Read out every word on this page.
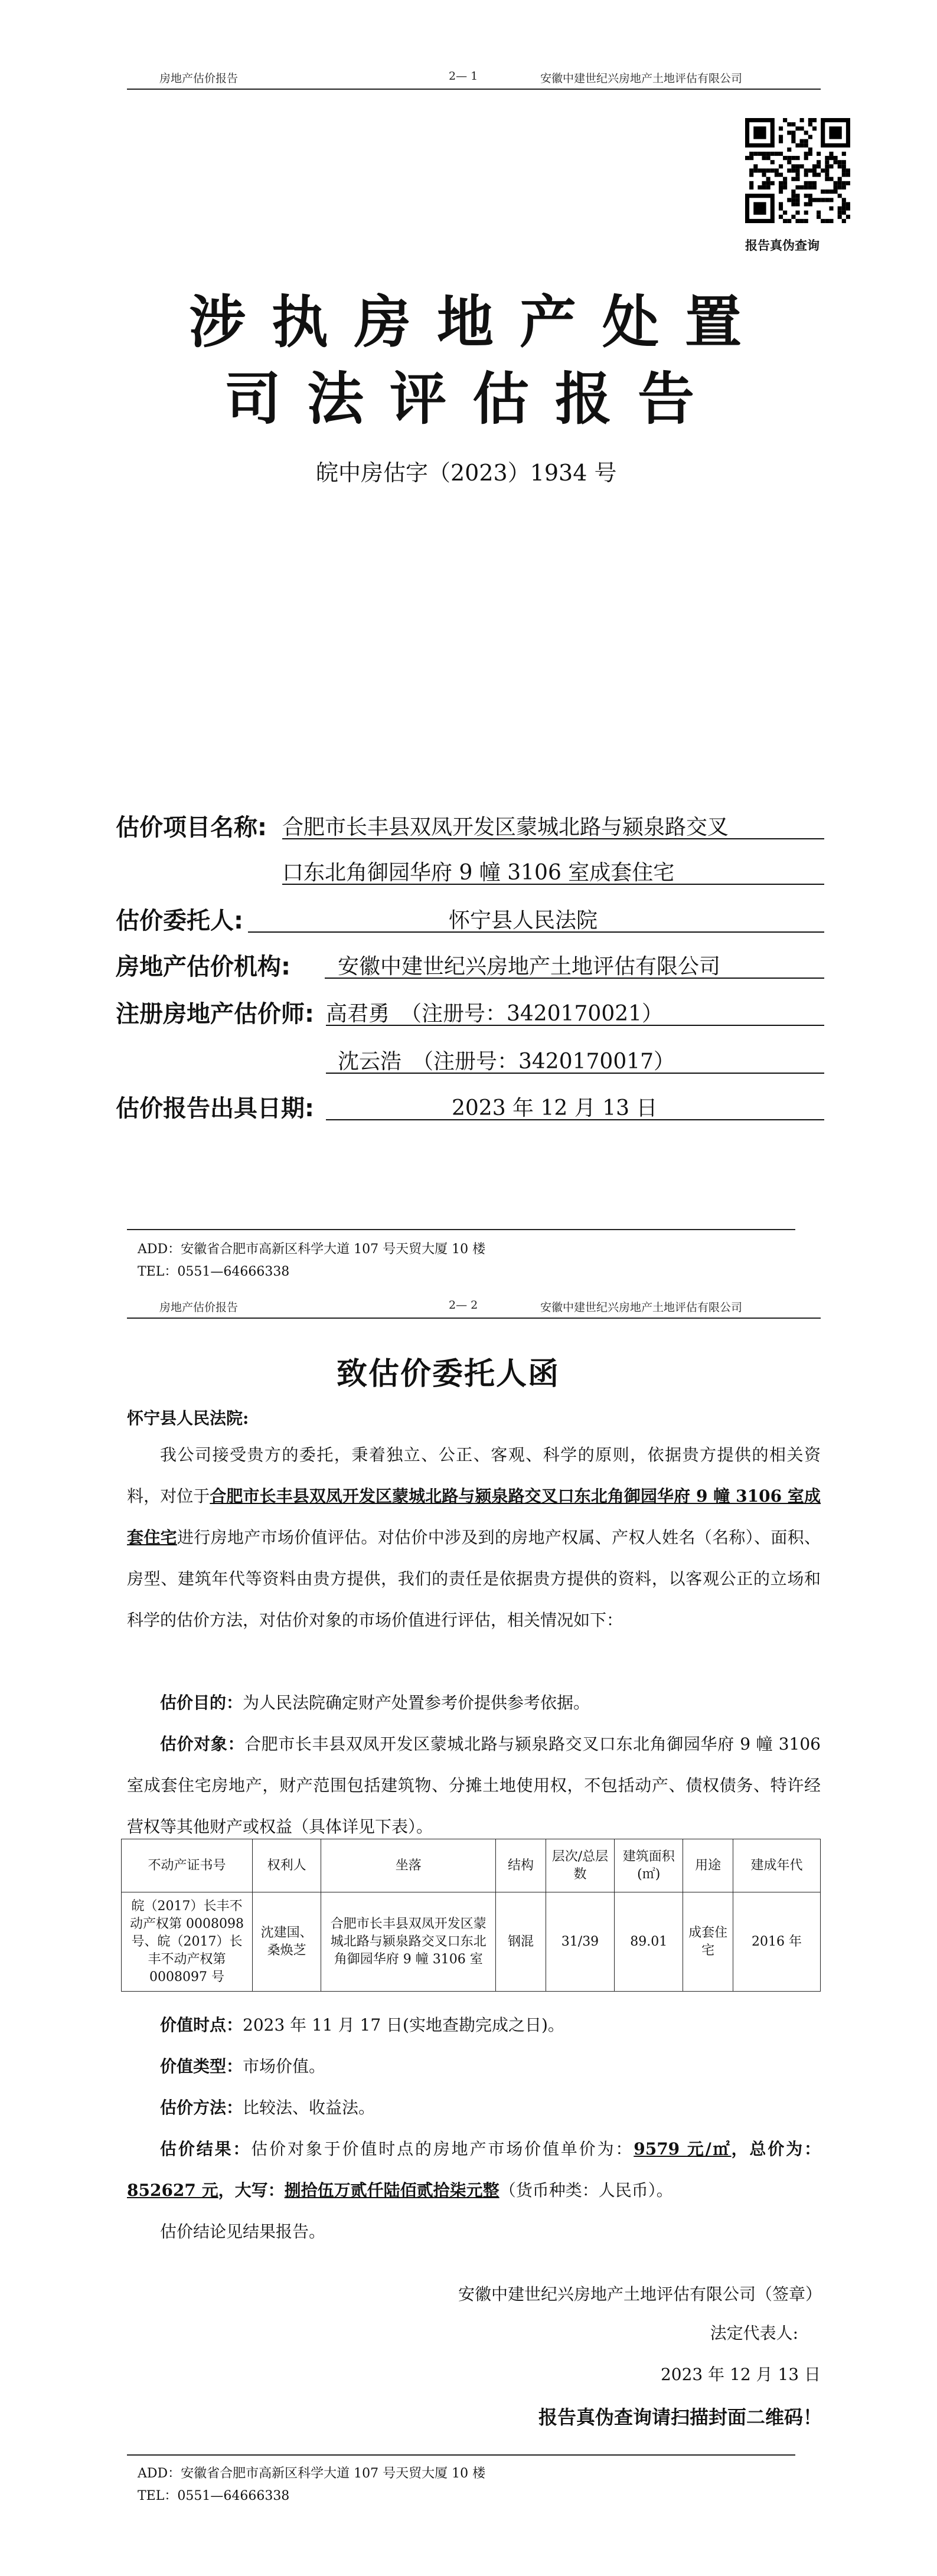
房地产估价报告	2— 1	安徽中建世纪兴房地产土地评估有限公司
报告真伪查询
涉执房地产处置
司法评估报告
皖中房估字（2023）1934 号
估价项目名称: 合肥市长丰县双凤开发区蒙城北路与颍泉路交叉
口东北角御园华府 9 幢 3106 室成套住宅
估价委托人:	怀宁县人民法院
房地产估价机构: 安徽中建世纪兴房地产土地评估有限公司
注册房地产估价师: 高君勇　（注册号：3420170021）
沈云浩　（注册号：3420170017）
估价报告出具日期:	2023 年 12 月 13 日
ADD：安徽省合肥市高新区科学大道 107 号天贸大厦 10 楼
TEL：0551—64666338
房地产估价报告	2— 2	安徽中建世纪兴房地产土地评估有限公司
致估价委托人函
怀宁县人民法院:
我公司接受贵方的委托，秉着独立、公正、客观、科学的原则，依据贵方提供的相关资料，对位于合肥市长丰县双凤开发区蒙城北路与颍泉路交叉口东北角御园华府 9 幢 3106 室成套住宅进行房地产市场价值评估。对估价中涉及到的房地产权属、产权人姓名（名称）、面积、房型、建筑年代等资料由贵方提供，我们的责任是依据贵方提供的资料，以客观公正的立场和科学的估价方法，对估价对象的市场价值进行评估，相关情况如下：
估价目的：为人民法院确定财产处置参考价提供参考依据。
估价对象：合肥市长丰县双凤开发区蒙城北路与颍泉路交叉口东北角御园华府 9 幢 3106 室成套住宅房地产，财产范围包括建筑物、分摊土地使用权，不包括动产、债权债务、特许经营权等其他财产或权益（具体详见下表）。
不动产证书号	权利人	坐落	结构	层次/总层数	建筑面积(㎡)	用途	建成年代
皖（2017）长丰不动产权第 0008098 号、皖（2017）长丰不动产权第 0008097 号	沈建国、桑焕芝	合肥市长丰县双凤开发区蒙城北路与颍泉路交叉口东北角御园华府 9 幢 3106 室	钢混	31/39	89.01	成套住宅	2016 年
价值时点：2023 年 11 月 17 日(实地查勘完成之日)。
价值类型：市场价值。
估价方法：比较法、收益法。
估价结果：估价对象于价值时点的房地产市场价值单价为：9579 元/㎡，总价为：852627 元，大写：捌拾伍万贰仟陆佰贰拾柒元整（货币种类：人民币）。
估价结论见结果报告。
安徽中建世纪兴房地产土地评估有限公司（签章）
法定代表人:
2023 年 12 月 13 日
报告真伪查询请扫描封面二维码！
ADD：安徽省合肥市高新区科学大道 107 号天贸大厦 10 楼
TEL：0551—64666338
